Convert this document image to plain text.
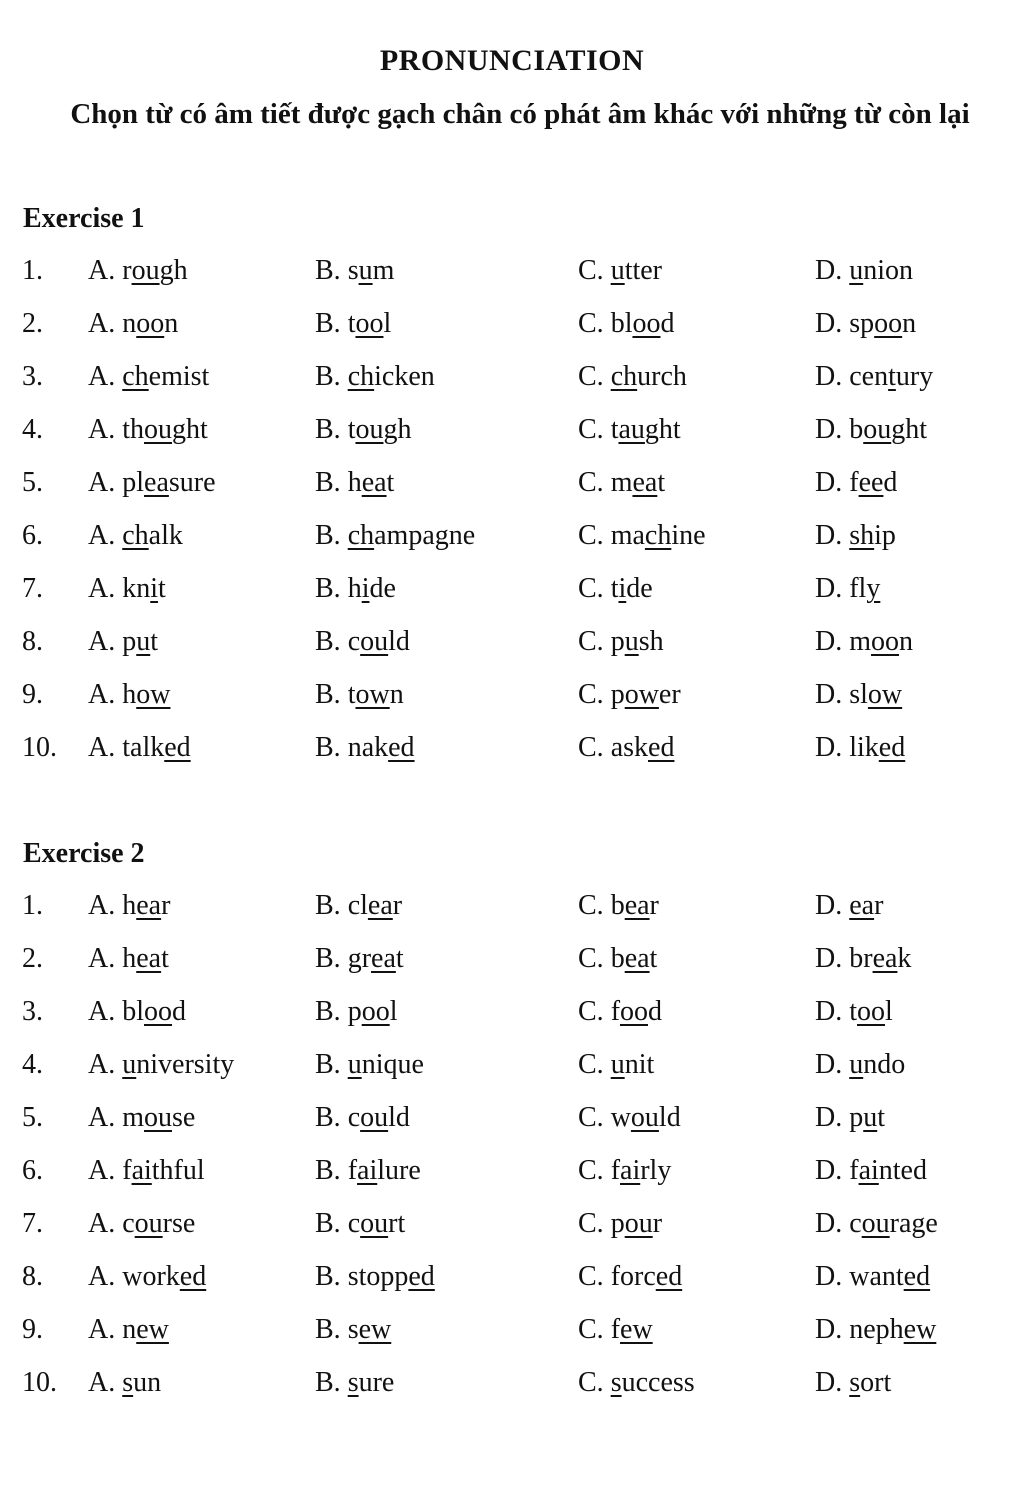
PRONUNCIATION
Chọn từ có âm tiết được gạch chân có phát âm khác với những từ còn lại
Exercise 1
1. A. rough	B. sum	C. utter	D. union
2. A. noon	B. tool	C. blood	D. spoon
3. A. chemist	B. chicken	C. church	D. century
4. A. thought	B. tough	C. taught	D. bought
5. A. pleasure	B. heat	C. meat	D. feed
6. A. chalk	B. champagne	C. machine	D. ship
7. A. knit	B. hide	C. tide	D. fly
8. A. put	B. could	C. push	D. moon
9. A. how	B. town	C. power	D. slow
10. A. talked	B. naked	C. asked	D. liked
Exercise 2
1. A. hear	B. clear	C. bear	D. ear
2. A. heat	B. great	C. beat	D. break
3. A. blood	B. pool	C. food	D. tool
4. A. university	B. unique	C. unit	D. undo
5. A. mouse	B. could	C. would	D. put
6. A. faithful	B. failure	C. fairly	D. fainted
7. A. course	B. court	C. pour	D. courage
8. A. worked	B. stopped	C. forced	D. wanted
9. A. new	B. sew	C. few	D. nephew
10. A. sun	B. sure	C. success	D. sort
